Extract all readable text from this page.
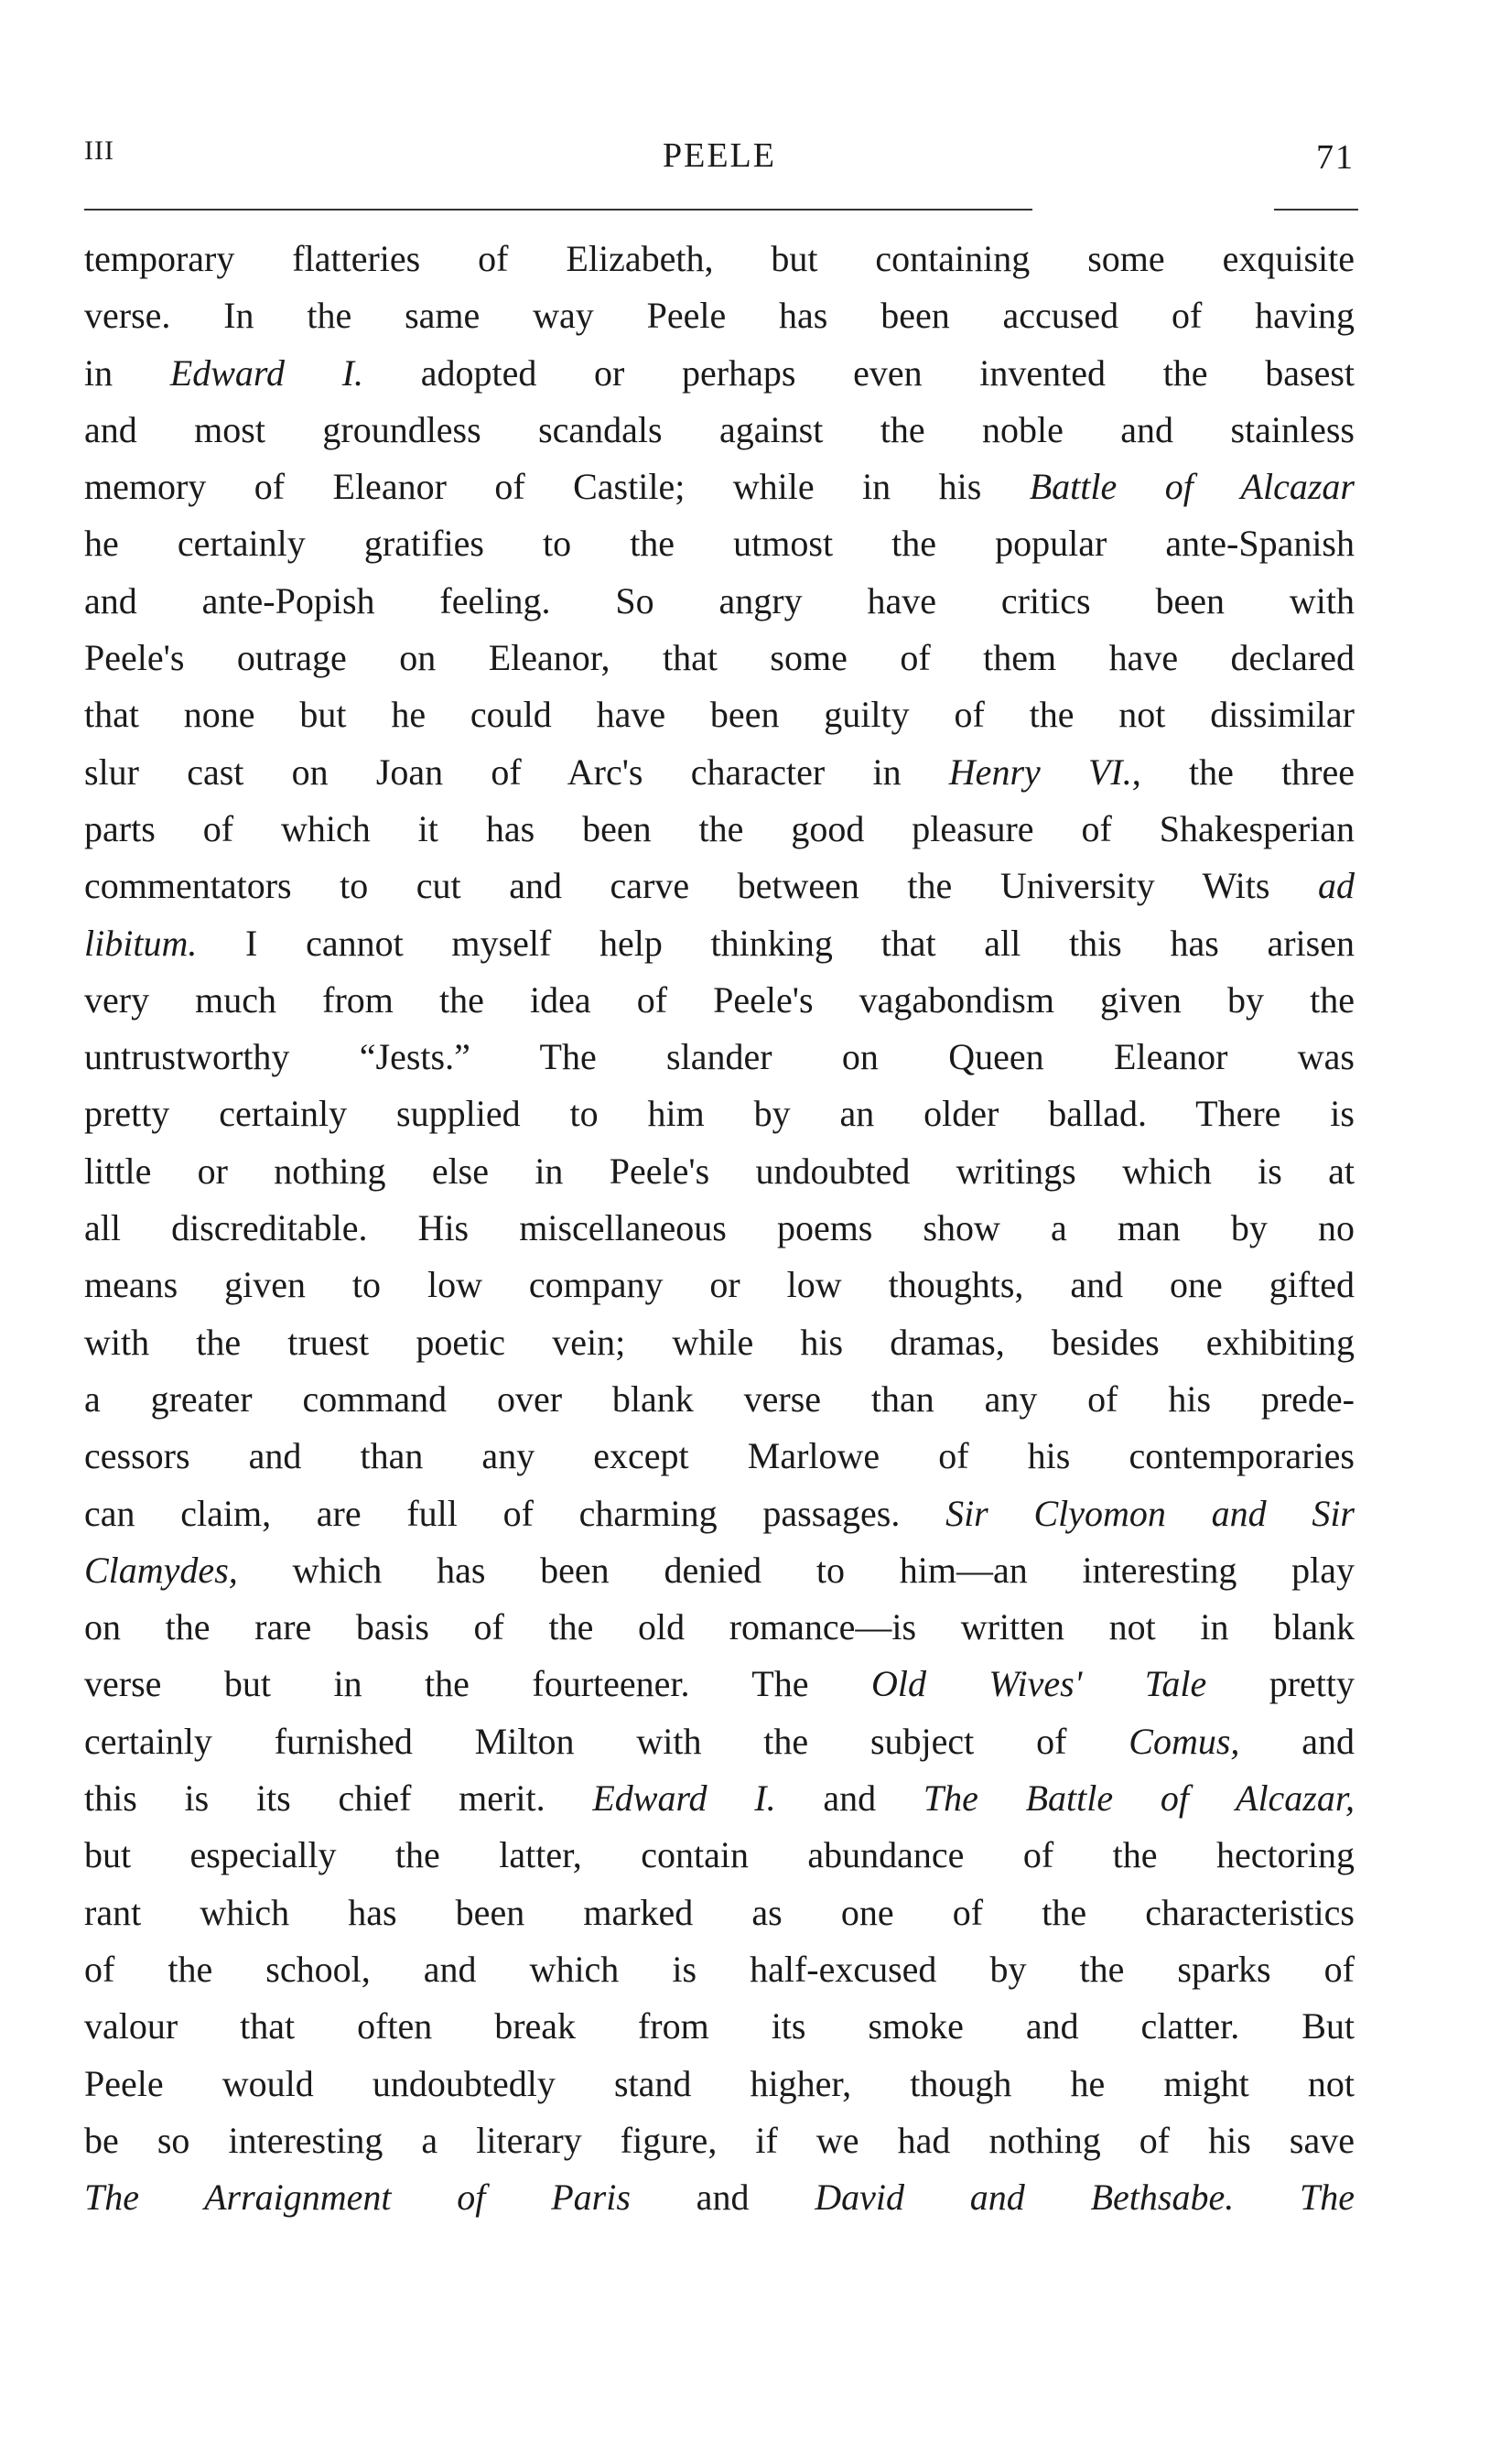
III	PEELE	71
temporary flatteries of Elizabeth, but containing some exquisite
verse. In the same way Peele has been accused of having
in Edward I. adopted or perhaps even invented the basest
and most groundless scandals against the noble and stainless
memory of Eleanor of Castile; while in his Battle of Alcazar
he certainly gratifies to the utmost the popular ante-Spanish
and ante-Popish feeling. So angry have critics been with
Peele's outrage on Eleanor, that some of them have declared
that none but he could have been guilty of the not dissimilar
slur cast on Joan of Arc's character in Henry VI., the three
parts of which it has been the good pleasure of Shakesperian
commentators to cut and carve between the University Wits ad
libitum. I cannot myself help thinking that all this has arisen
very much from the idea of Peele's vagabondism given by the
untrustworthy “Jests.” The slander on Queen Eleanor was
pretty certainly supplied to him by an older ballad. There is
little or nothing else in Peele's undoubted writings which is at
all discreditable. His miscellaneous poems show a man by no
means given to low company or low thoughts, and one gifted
with the truest poetic vein; while his dramas, besides exhibiting
a greater command over blank verse than any of his prede-
cessors and than any except Marlowe of his contemporaries
can claim, are full of charming passages. Sir Clyomon and Sir
Clamydes, which has been denied to him—an interesting play
on the rare basis of the old romance—is written not in blank
verse but in the fourteener. The Old Wives' Tale pretty
certainly furnished Milton with the subject of Comus, and
this is its chief merit. Edward I. and The Battle of Alcazar,
but especially the latter, contain abundance of the hectoring
rant which has been marked as one of the characteristics
of the school, and which is half-excused by the sparks of
valour that often break from its smoke and clatter. But
Peele would undoubtedly stand higher, though he might not
be so interesting a literary figure, if we had nothing of his save
The Arraignment of Paris and David and Bethsabe. The
